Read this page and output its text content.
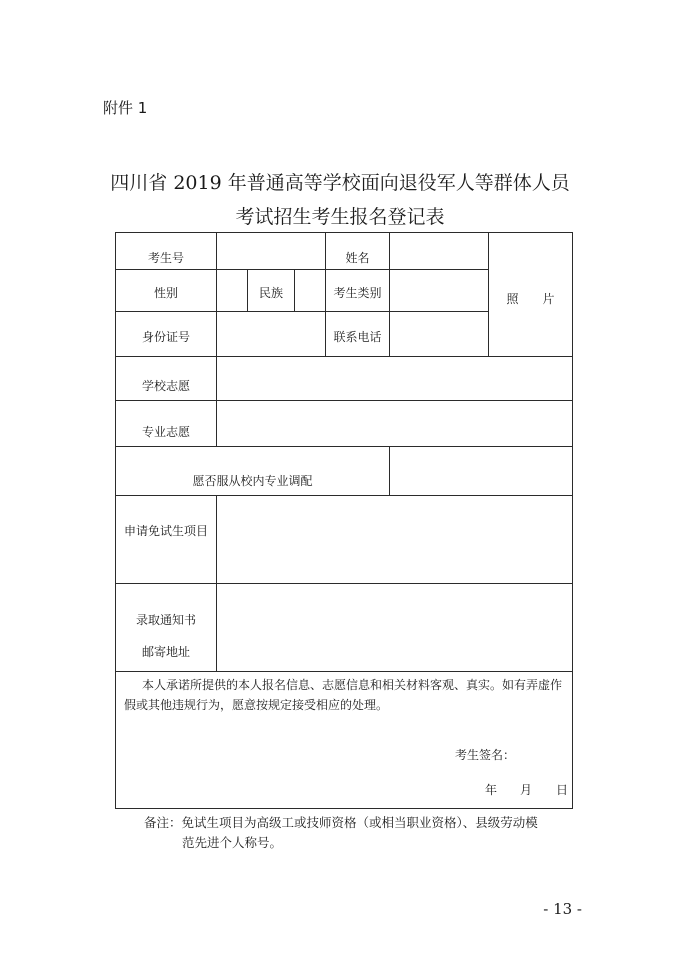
附件 1
四川省 2019 年普通高等学校面向退役军人等群体人员
考试招生考生报名登记表
考生号	姓名
照　　片
性别	民族	考生类别
身份证号	联系电话
学校志愿
专业志愿
愿否服从校内专业调配
申请免试生项目
录取通知书
邮寄地址
本人承诺所提供的本人报名信息、志愿信息和相关材料客观、真实。如有弄虚作
假或其他违规行为，愿意按规定接受相应的处理。
考生签名：
年 月 日
备注：免试生项目为高级工或技师资格（或相当职业资格）、县级劳动模
范先进个人称号。
- 13 -
